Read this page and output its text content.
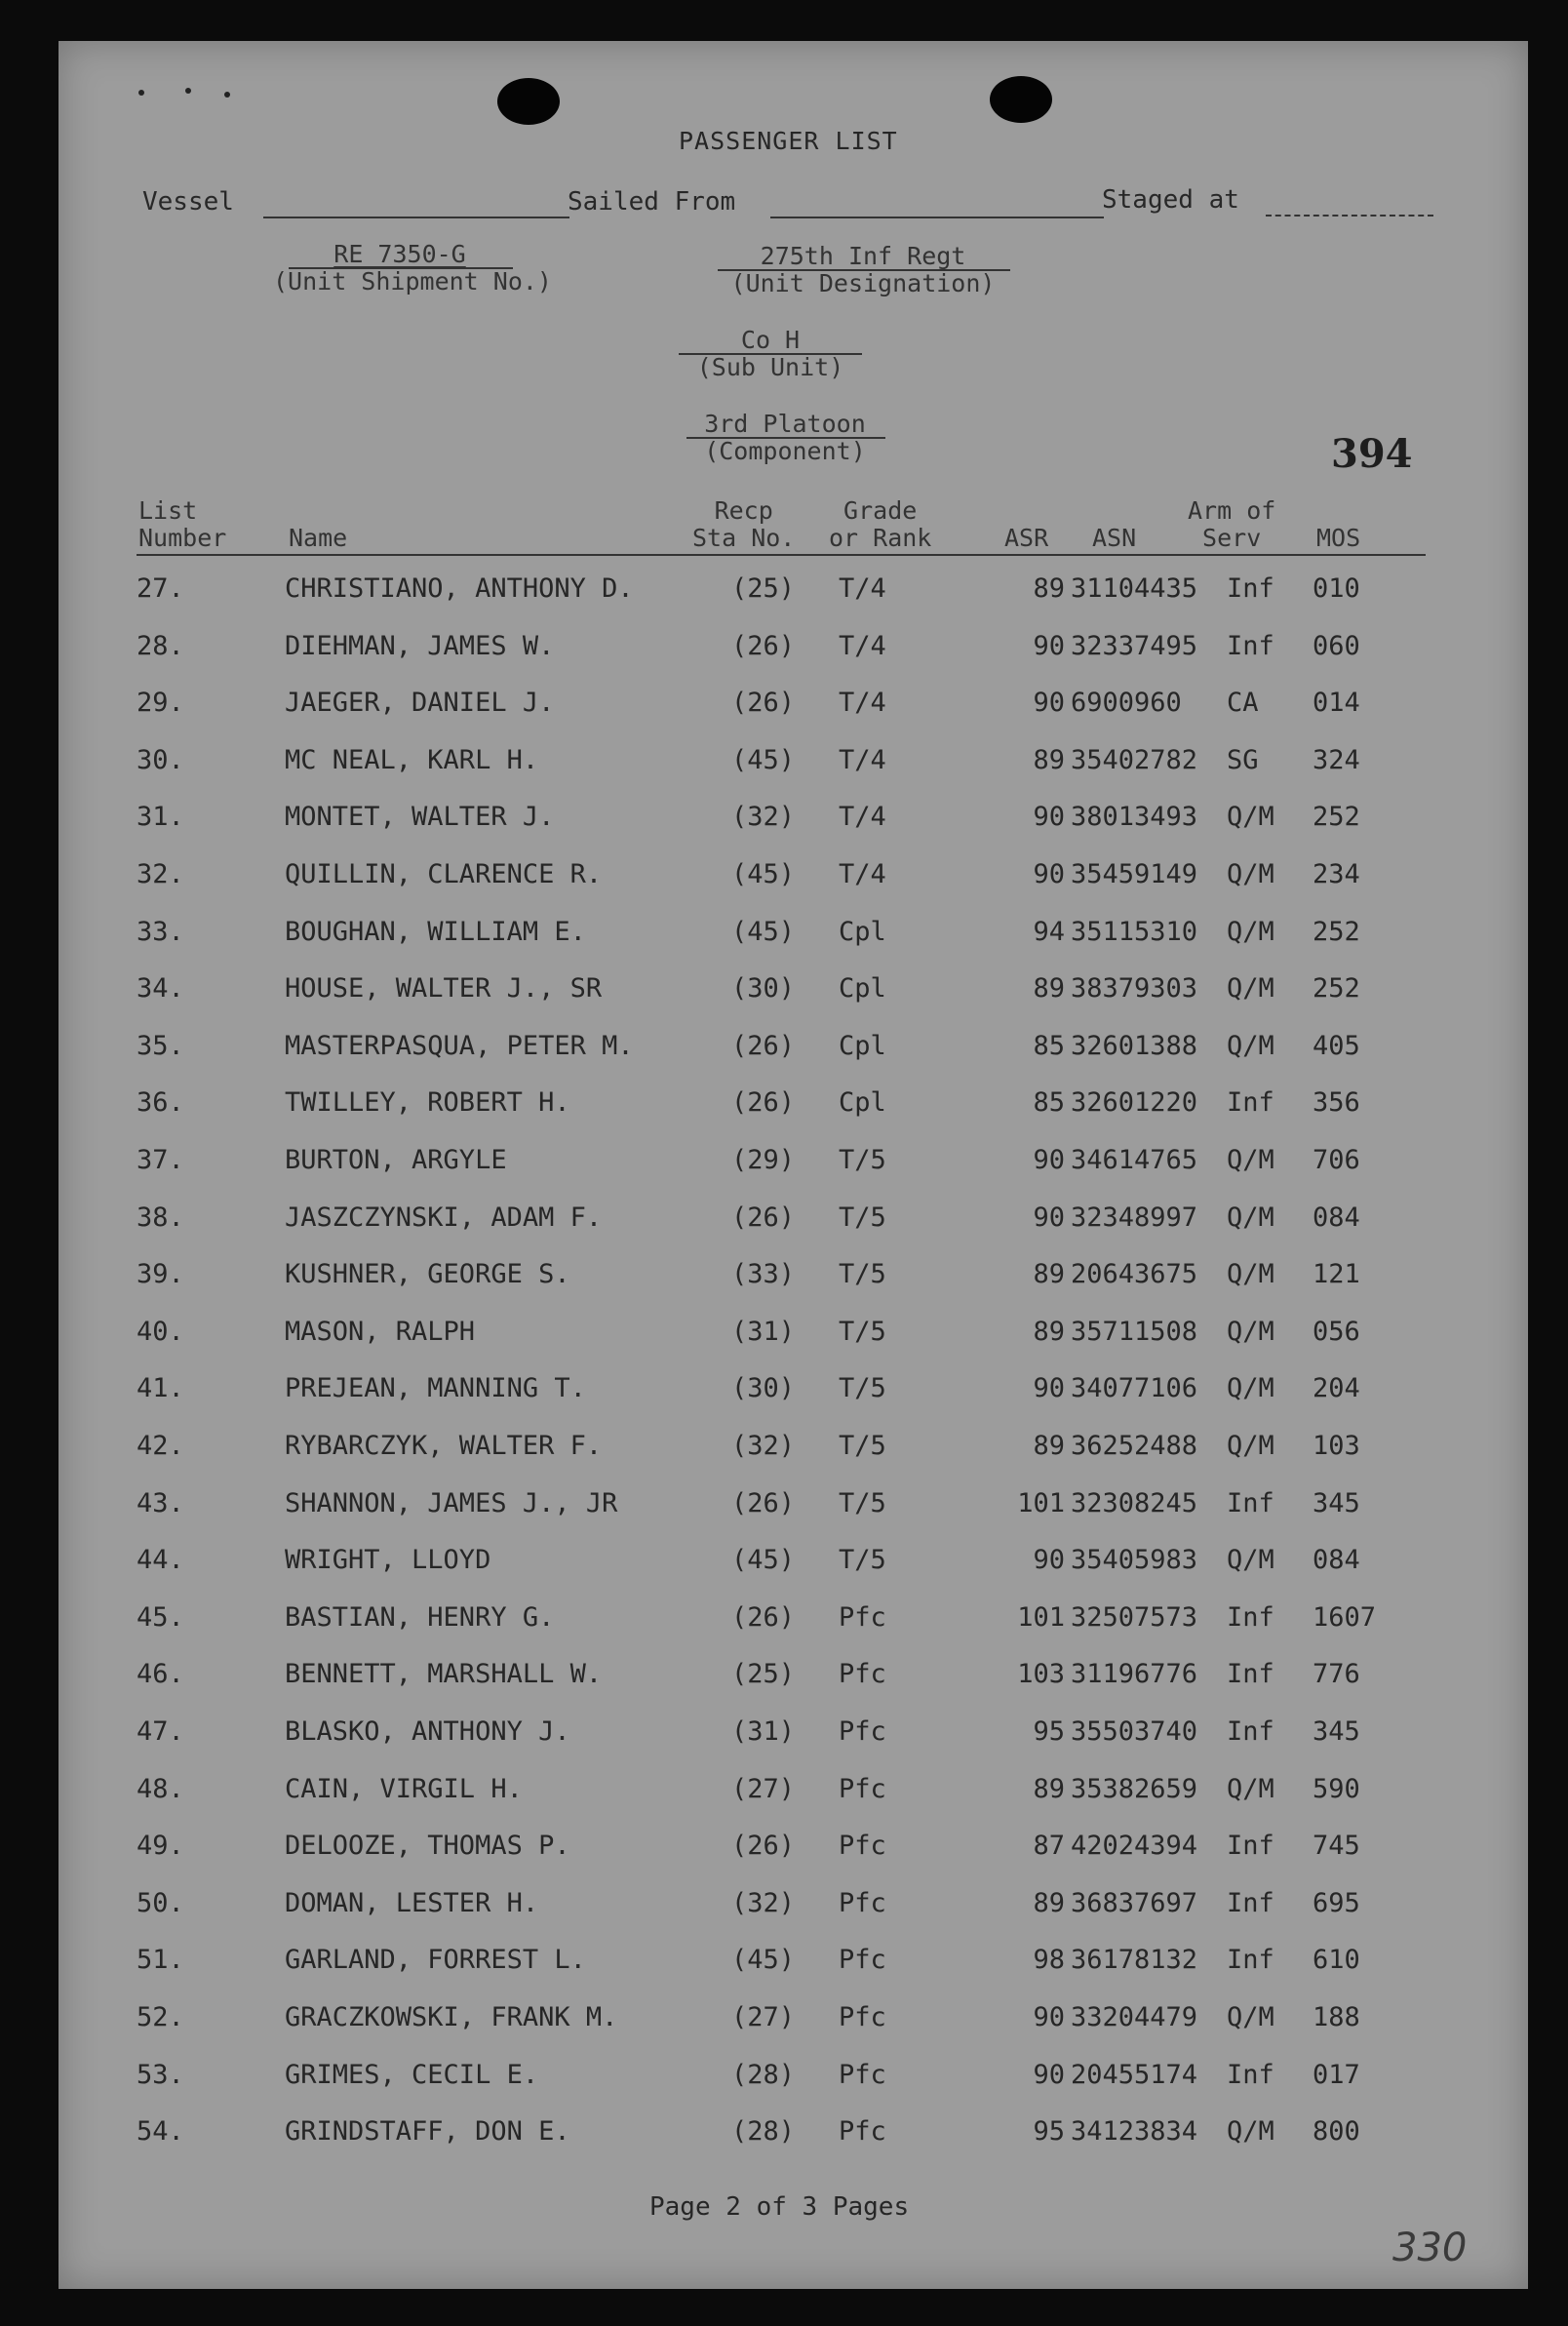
PASSENGER LIST
Vessel	Sailed From	Staged at
RE 7350-G
(Unit Shipment No.)
275th Inf Regt
(Unit Designation)
Co H
(Sub Unit)
3rd Platoon
(Component)	394
List
Number	Name
Recp
Sta No.
Grade
or Rank	ASR ASN
Arm of
Serv	MOS
27.	CHRISTIANO, ANTHONY D.	(25) T/4	89 31104435 Inf 010
28.	DIEHMAN, JAMES W.	(26) T/4	90 32337495 Inf 060
29.	JAEGER, DANIEL J.	(26) T/4	90 6900960 CA 014
30.	MC NEAL, KARL H.	(45) T/4	89 35402782 SG 324
31.	MONTET, WALTER J.	(32) T/4	90 38013493 Q/M 252
32.	QUILLIN, CLARENCE R.	(45) T/4	90 35459149 Q/M 234
33.	BOUGHAN, WILLIAM E.	(45) Cpl	94 35115310 Q/M 252
34.	HOUSE, WALTER J., SR	(30) Cpl	89 38379303 Q/M 252
35.	MASTERPASQUA, PETER M.	(26) Cpl	85 32601388 Q/M 405
36.	TWILLEY, ROBERT H.	(26) Cpl	85 32601220 Inf 356
37.	BURTON, ARGYLE	(29) T/5	90 34614765 Q/M 706
38.	JASZCZYNSKI, ADAM F.	(26) T/5	90 32348997 Q/M 084
39.	KUSHNER, GEORGE S.	(33) T/5	89 20643675 Q/M 121
40.	MASON, RALPH	(31) T/5	89 35711508 Q/M 056
41.	PREJEAN, MANNING T.	(30) T/5	90 34077106 Q/M 204
42.	RYBARCZYK, WALTER F.	(32) T/5	89 36252488 Q/M 103
43.	SHANNON, JAMES J., JR	(26) T/5	101 32308245 Inf 345
44.	WRIGHT, LLOYD	(45) T/5	90 35405983 Q/M 084
45.	BASTIAN, HENRY G.	(26) Pfc	101 32507573 Inf 1607
46.	BENNETT, MARSHALL W.	(25) Pfc	103 31196776 Inf 776
47.	BLASKO, ANTHONY J.	(31) Pfc	95 35503740 Inf 345
48.	CAIN, VIRGIL H.	(27) Pfc	89 35382659 Q/M 590
49.	DELOOZE, THOMAS P.	(26) Pfc	87 42024394 Inf 745
50.	DOMAN, LESTER H.	(32) Pfc	89 36837697 Inf 695
51.	GARLAND, FORREST L.	(45) Pfc	98 36178132 Inf 610
52.	GRACZKOWSKI, FRANK M.	(27) Pfc	90 33204479 Q/M 188
53.	GRIMES, CECIL E.	(28) Pfc	90 20455174 Inf 017
54.	GRINDSTAFF, DON E.	(28) Pfc	95 34123834 Q/M 800
Page 2 of 3 Pages
330
